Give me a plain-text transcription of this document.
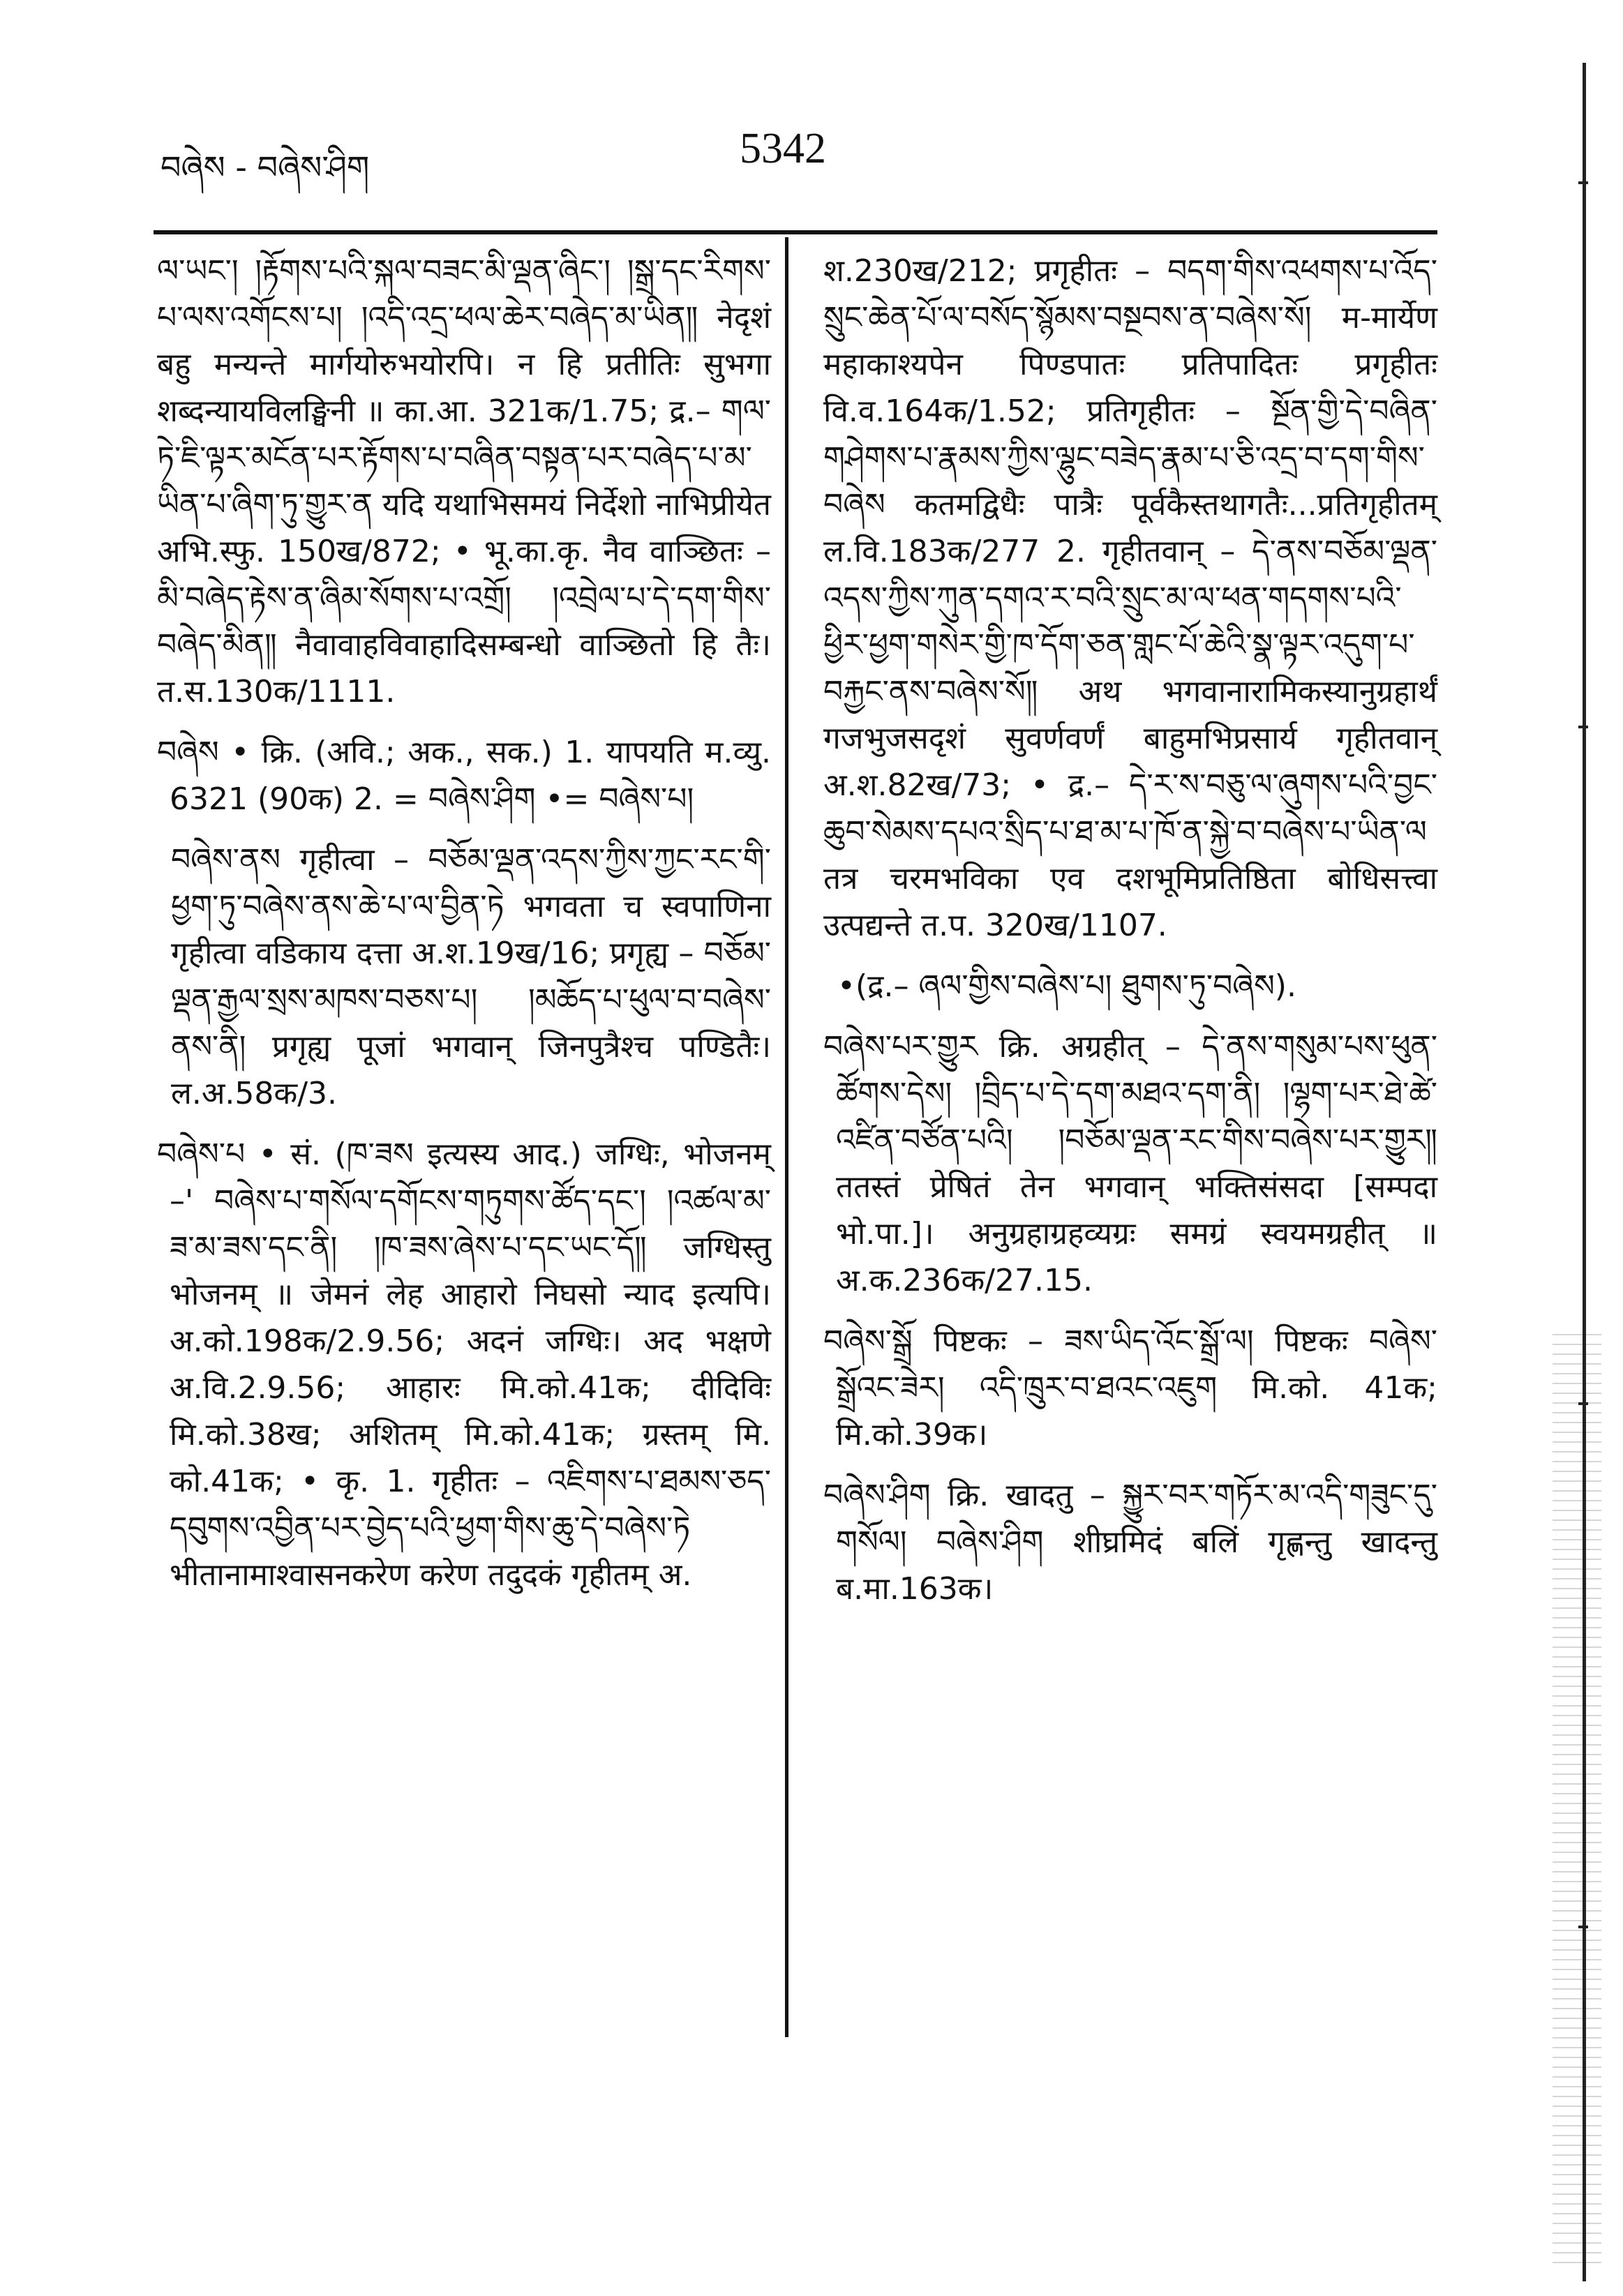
བཞེས - བཞེས་ཤིག	5342

ལ་ཡང་། །རྟོགས་པའི་སྐལ་བཟང་མི་ལྡན་ཞིང་། །སྒྲ་དང་རིགས་པ་ལས་འགོངས་པ། །འདི་འདྲ་ཕལ་ཆེར་བཞེད་མ་ཡིན༎ नेदृशं बहु मन्यन्ते मार्गयोरुभयोरपि। न हि प्रतीतिः सुभगा शब्दन्यायविलङ्घिनी ॥ का.आ. 321क/1.75; द्र.– གལ་ཏེ་ཇི་ལྟར་མངོན་པར་རྟོགས་པ་བཞིན་བསྟན་པར་བཞེད་པ་མ་ཡིན་པ་ཞིག་ཏུ་གྱུར་ན यदि यथाभिसमयं निर्देशो नाभिप्रीयेत अभि.स्फु. 150ख/872; • भू.का.कृ. नैव वाञ्छितः – མི་བཞེད་རྟེས་ན་ཞིམ་སོགས་པ་འགྲོ། །འབྲེལ་པ་དེ་དག་གིས་བཞེད་མིན༎ नैवावाहविवाहादिसम्बन्धो वाञ्छितो हि तैः। त.स.130क/1111.

བཞེས • क्रि. (अवि.; अक., सक.) 1. यापयति म.व्यु. 6321 (90क) 2. = བཞེས་ཤིག •= བཞེས་པ།

བཞེས་ནས गृहीत्वा – བཅོམ་ལྡན་འདས་ཀྱིས་ཀྱང་རང་གི་ཕྱག་ཏུ་བཞེས་ནས་ཆེ་པ་ལ་བྱིན་ཏེ भगवता च स्वपाणिना गृहीत्वा वडिकाय दत्ता अ.श.19ख/16; प्रगृह्य – བཅོམ་ལྡན་རྒྱལ་སྲས་མཁས་བཅས་པ། །མཆོད་པ་ཕུལ་བ་བཞེས་ནས་ནི། प्रगृह्य पूजां भगवान् जिनपुत्रैश्च पण्डितैः। ल.अ.58क/3.

བཞེས་པ • सं. (ཁ་ཟས इत्यस्य आद.) जग्धिः, भोजनम् –' བཞེས་པ་གསོལ་དགོངས་གཏུགས་ཚོད་དང་། །འཚལ་མ་ཟ་མ་ཟས་དང་ནི། །ཁ་ཟས་ཞེས་པ་དང་ཡང་དོ༎ जग्धिस्तु भोजनम् ॥ जेमनं लेह आहारो निघसो न्याद इत्यपि। अ.को.198क/2.9.56; अदनं जग्धिः। अद भक्षणे अ.वि.2.9.56; आहारः मि.को.41क; दीदिविः मि.को.38ख; अशितम् मि.को.41क; ग्रस्तम् मि. को.41क; • कृ. 1. गृहीतः – འཇིགས་པ་ཐམས་ཅད་དབུགས་འབྱིན་པར་བྱེད་པའི་ཕྱག་གིས་ཆུ་དེ་བཞེས་ཏེ भीतानामाश्वासनकरेण करेण तदुदकं गृहीतम् अ.

श.230ख/212; प्रगृहीतः – བདག་གིས་འཕགས་པ་འོད་སྲུང་ཆེན་པོ་ལ་བསོད་སྙོམས་བསྔབས་ན་བཞེས་སོ། म-मार्येण महाकाश्यपेन पिण्डपातः प्रतिपादितः प्रगृहीतः वि.व.164क/1.52; प्रतिगृहीतः – སྔོན་གྱི་དེ་བཞིན་གཤེགས་པ་རྣམས་ཀྱིས་ལྷུང་བཟེད་རྣམ་པ་ཅི་འདྲ་བ་དག་གིས་བཞེས कतमद्विधैः पात्रैः पूर्वकैस्तथागतैः...प्रतिगृहीतम् ल.वि.183क/277 2. गृहीतवान् – དེ་ནས་བཅོམ་ལྡན་འདས་ཀྱིས་ཀུན་དགའ་ར་བའི་སྲུང་མ་ལ་ཕན་གདགས་པའི་ཕྱིར་ཕྱག་གསེར་གྱི་ཁ་དོག་ཅན་གླང་པོ་ཆེའི་སྣ་ལྟར་འདུག་པ་བརྐྱང་ནས་བཞེས་སོ༎ अथ भगवानारामिकस्यानुग्रहार्थं गजभुजसदृशं सुवर्णवर्णं बाहुमभिप्रसार्य गृहीतवान् अ.श.82ख/73; • द्र.– དེ་ར་ས་བཅུ་ལ་ཞུགས་པའི་བྱང་ཆུབ་སེམས་དཔའ་སྲིད་པ་ཐ་མ་པ་ཁོ་ན་སྐྱེ་བ་བཞེས་པ་ཡིན་ལ तत्र चरमभविका एव दशभूमिप्रतिष्ठिता बोधिसत्त्वा उत्पद्यन्ते त.प. 320ख/1107.

•(द्र.– ཞལ་གྱིས་བཞེས་པ། ཐུགས་ཏུ་བཞེས).

བཞེས་པར་གྱུར क्रि. अग्रहीत् – དེ་ནས་གསུམ་པས་ཕུན་ཚོགས་དེས། །བྲིད་པ་དེ་དག་མཐའ་དག་ནི། །ལྷག་པར་ཐེ་ཚེ་འཛིན་བཙོན་པའི། །བཅོམ་ལྡན་རང་གིས་བཞེས་པར་གྱུར༎ ततस्तं प्रेषितं तेन भगवान् भक्तिसंसदा [सम्पदा भो.पा.]। अनुग्रहाग्रहव्यग्रः समग्रं स्वयमग्रहीत् ॥ अ.क.236क/27.15.

བཞེས་སྒྲོ पिष्टकः – ཟས་ཡིད་འོང་སྒྲོ་ལ། पिष्टकः བཞེས་སྒྲོའང་ཟེར། འདི་ཁྲུར་བ་ཐའང་འཇུག मि.को. 41क; मि.को.39क।

བཞེས་ཤིག क्रि. खादतु – སྐྱུར་བར་གཏོར་མ་འདི་གཟུང་དུ་གསོལ། བཞེས་ཤིག शीघ्रमिदं बलिं गृह्णन्तु खादन्तु ब.मा.163क।
